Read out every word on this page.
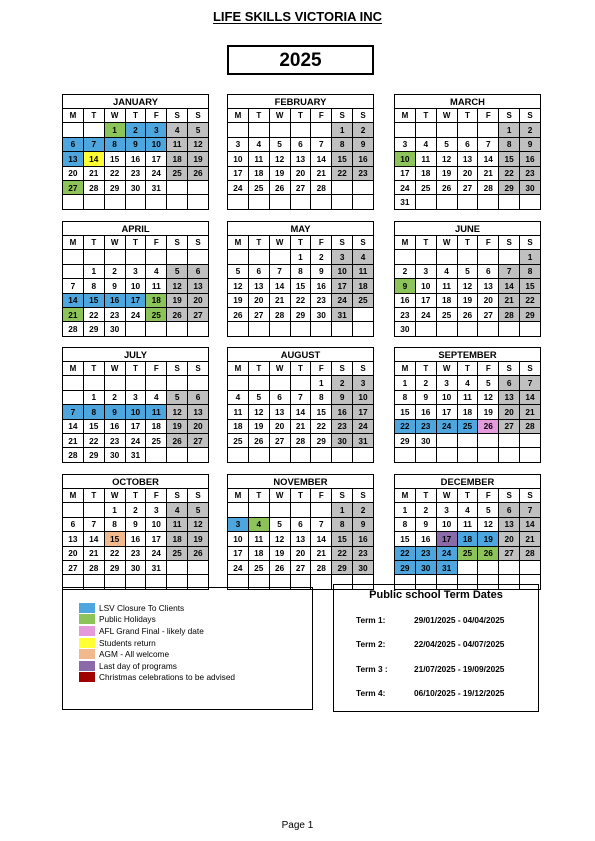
LIFE SKILLS VICTORIA INC
2025
JANUARY						
M	T	W	T	F	S	S
		1	2	3	4	5
6	7	8	9	10	11	12
13	14	15	16	17	18	19
20	21	22	23	24	25	26
27	28	29	30	31		

FEBRUARY						
M	T	W	T	F	S	S
					1	2
3	4	5	6	7	8	9
10	11	12	13	14	15	16
17	18	19	20	21	22	23
24	25	26	27	28		

MARCH						
M	T	W	T	F	S	S
					1	2
3	4	5	6	7	8	9
10	11	12	13	14	15	16
17	18	19	20	21	22	23
24	25	26	27	28	29	30
31						
APRIL						
M	T	W	T	F	S	S

	1	2	3	4	5	6
7	8	9	10	11	12	13
14	15	16	17	18	19	20
21	22	23	24	25	26	27
28	29	30				
MAY						
M	T	W	T	F	S	S
			1	2	3	4
5	6	7	8	9	10	11
12	13	14	15	16	17	18
19	20	21	22	23	24	25
26	27	28	29	30	31	

JUNE						
M	T	W	T	F	S	S
						1
2	3	4	5	6	7	8
9	10	11	12	13	14	15
16	17	18	19	20	21	22
23	24	25	26	27	28	29
30						
JULY						
M	T	W	T	F	S	S

	1	2	3	4	5	6
7	8	9	10	11	12	13
14	15	16	17	18	19	20
21	22	23	24	25	26	27
28	29	30	31			
AUGUST						
M	T	W	T	F	S	S
				1	2	3
4	5	6	7	8	9	10
11	12	13	14	15	16	17
18	19	20	21	22	23	24
25	26	27	28	29	30	31

SEPTEMBER						
M	T	W	T	F	S	S
1	2	3	4	5	6	7
8	9	10	11	12	13	14
15	16	17	18	19	20	21
22	23	24	25	26	27	28
29	30					

OCTOBER						
M	T	W	T	F	S	S
		1	2	3	4	5
6	7	8	9	10	11	12
13	14	15	16	17	18	19
20	21	22	23	24	25	26
27	28	29	30	31		

NOVEMBER						
M	T	W	T	F	S	S
					1	2
3	4	5	6	7	8	9
10	11	12	13	14	15	16
17	18	19	20	21	22	23
24	25	26	27	28	29	30

DECEMBER						
M	T	W	T	F	S	S
1	2	3	4	5	6	7
8	9	10	11	12	13	14
15	16	17	18	19	20	21
22	23	24	25	26	27	28
29	30	31				

LSV Closure To Clients
Public Holidays
AFL Grand Final - likely date
Students return
AGM - All welcome
Last day of programs
Christmas celebrations to be advised
Public school Term Dates
Term 1:	29/01/2025 - 04/04/2025
Term 2:	22/04/2025 - 04/07/2025
Term 3 :	21/07/2025 - 19/09/2025
Term 4:	06/10/2025 - 19/12/2025
Page 1
